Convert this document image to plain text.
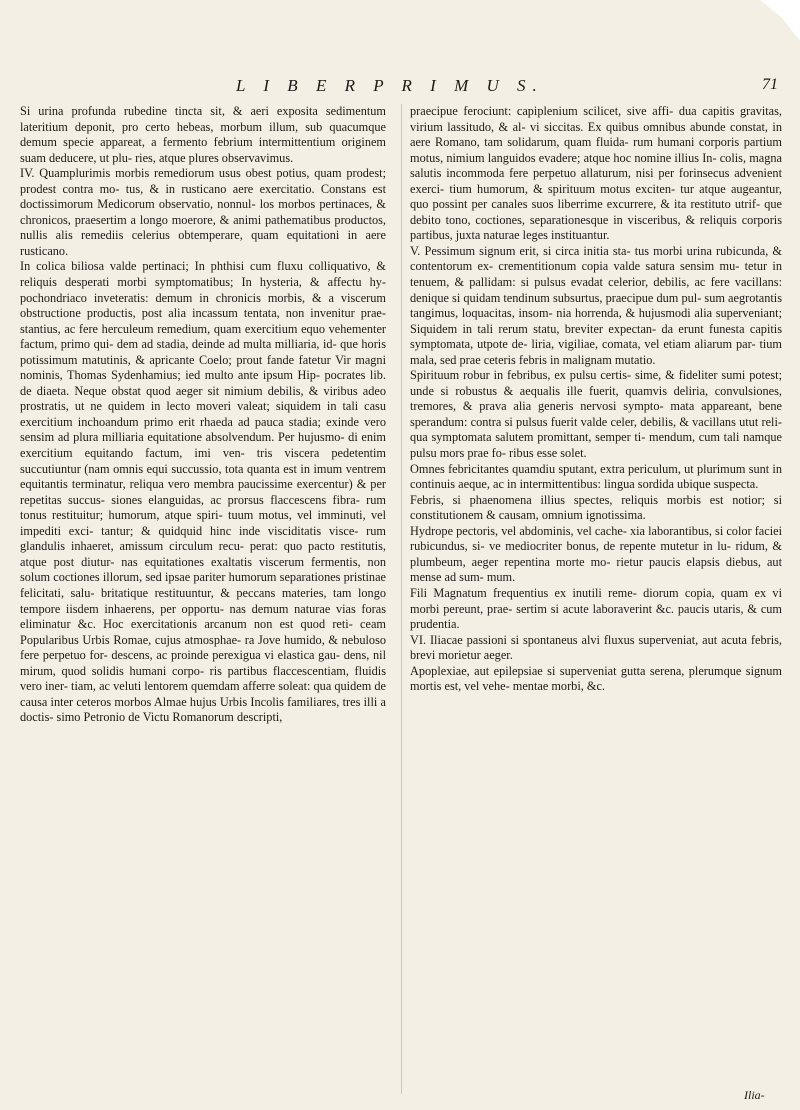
L I B E R P R I M U S.	71

Si urina profunda rubedine tincta sit, & aeri exposita sedimentum lateritium deponit, pro certo hebeas, morbum illum, sub quacumque demum specie appareat, a fermento febrium intermittentium originem suam deducere, ut plu- ries, atque plures observavimus.

IV. Quamplurimis morbis remediorum usus obest potius, quam prodest; prodest contra mo- tus, & in rusticano aere exercitatio. Constans est doctissimorum Medicorum observatio, nonnul- los morbos pertinaces, & chronicos, praesertim a longo moerore, & animi pathematibus productos, nullis alis remediis celerius obtemperare, quam equitationi in aere rusticano.

In colica biliosa valde pertinaci; In phthisi cum fluxu colliquativo, & reliquis desperati morbi symptomatibus; In hysteria, & affectu hy- pochondriaco inveteratis: demum in chronicis morbis, & a viscerum obstructione productis, post alia incassum tentata, non invenitur prae- stantius, ac fere herculeum remedium, quam exercitium equo vehementer factum, primo qui- dem ad stadia, deinde ad multa milliaria, id- que horis potissimum matutinis, & apricante Coelo; prout fande fatetur Vir magni nominis, Thomas Sydenhamius; ied multo ante ipsum Hip- pocrates lib. de diaeta. Neque obstat quod aeger sit nimium debilis, & viribus adeo prostratis, ut ne quidem in lecto moveri valeat; siquidem in tali casu exercitium inchoandum primo erit rhaeda ad pauca stadia; exinde vero sensim ad plura milliaria equitatione absolvendum. Per hujusmo- di enim exercitium equitando factum, imi ven- tris viscera pedetentim succutiuntur (nam omnis equi succussio, tota quanta est in imum ventrem equitantis terminatur, reliqua vero membra paucissime exercentur) & per repetitas succus- siones elanguidas, ac prorsus flaccescens fibra- rum tonus restituitur; humorum, atque spiri- tuum motus, vel imminuti, vel impediti exci- tantur; & quidquid hinc inde visciditatis visce- rum glandulis inhaeret, amissum circulum recu- perat: quo pacto restitutis, atque post diutur- nas equitationes exaltatis viscerum fermentis, non solum coctiones illorum, sed ipsae pariter humorum separationes pristinae felicitati, salu- britatique restituuntur, & peccans materies, tam longo tempore iisdem inhaerens, per opportu- nas demum naturae vias foras eliminatur &c. Hoc exercitationis arcanum non est quod reti- ceam Popularibus Urbis Romae, cujus atmosphae- ra Jove humido, & nebuloso fere perpetuo for- descens, ac proinde perexigua vi elastica gau- dens, nil mirum, quod solidis humani corpo- ris partibus flaccescentiam, fluidis vero iner- tiam, ac veluti lentorem quemdam afferre soleat: qua quidem de causa inter ceteros morbos Almae hujus Urbis Incolis familiares, tres illi a doctis- simo Petronio de Victu Romanorum descripti,

praecipue ferociunt: capiplenium scilicet, sive affi- dua capitis gravitas, virium lassitudo, & al- vi siccitas. Ex quibus omnibus abunde constat, in aere Romano, tam solidarum, quam fluida- rum humani corporis partium motus, nimium languidos evadere; atque hoc nomine illius In- colis, magna salutis incommoda fere perpetuo allaturum, nisi per forinsecus advenient exerci- tium humorum, & spirituum motus exciten- tur atque augeantur, quo possint per canales suos liberrime excurrere, & ita restituto utrif- que debito tono, coctiones, separationesque in visceribus, & reliquis corporis partibus, juxta naturae leges instituantur.

V. Pessimum signum erit, si circa initia sta- tus morbi urina rubicunda, & contentorum ex- crementitionum copia valde satura sensim mu- tetur in tenuem, & pallidam: si pulsus evadat celerior, debilis, ac fere vacillans: denique si quidam tendinum subsurtus, praecipue dum pul- sum aegrotantis tangimus, loquacitas, insom- nia horrenda, & hujusmodi alia superveniant; Siquidem in tali rerum statu, breviter expectan- da erunt funesta capitis symptomata, utpote de- liria, vigiliae, comata, vel etiam aliarum par- tium mala, sed prae ceteris febris in malignam mutatio.

Spirituum robur in febribus, ex pulsu certis- sime, & fideliter sumi potest; unde si robustus & aequalis ille fuerit, quamvis deliria, convulsiones, tremores, & prava alia generis nervosi sympto- mata appareant, bene sperandum: contra si pulsus fuerit valde celer, debilis, & vacillans utut reli- qua symptomata salutem promittant, semper ti- mendum, cum tali namque pulsu mors prae fo- ribus esse solet.

Omnes febricitantes quamdiu sputant, extra periculum, ut plurimum sunt in continuis aeque, ac in intermittentibus: lingua sordida ubique suspecta.

Febris, si phaenomena illius spectes, reliquis morbis est notior; si constitutionem & causam, omnium ignotissima.

Hydrope pectoris, vel abdominis, vel cache- xia laborantibus, si color faciei rubicundus, si- ve mediocriter bonus, de repente mutetur in lu- ridum, & plumbeum, aeger repentina morte mo- rietur paucis elapsis diebus, aut mense ad sum- mum.

Fili Magnatum frequentius ex inutili reme- diorum copia, quam ex vi morbi pereunt, prae- sertim si acute laboraverint &c. paucis utaris, & cum prudentia.

VI. Iliacae passioni si spontaneus alvi fluxus superveniat, aut acuta febris, brevi morietur aeger.

Apoplexiae, aut epilepsiae si superveniat gutta serena, plerumque signum mortis est, vel vehe- mentae morbi, &c.

Ilia-
